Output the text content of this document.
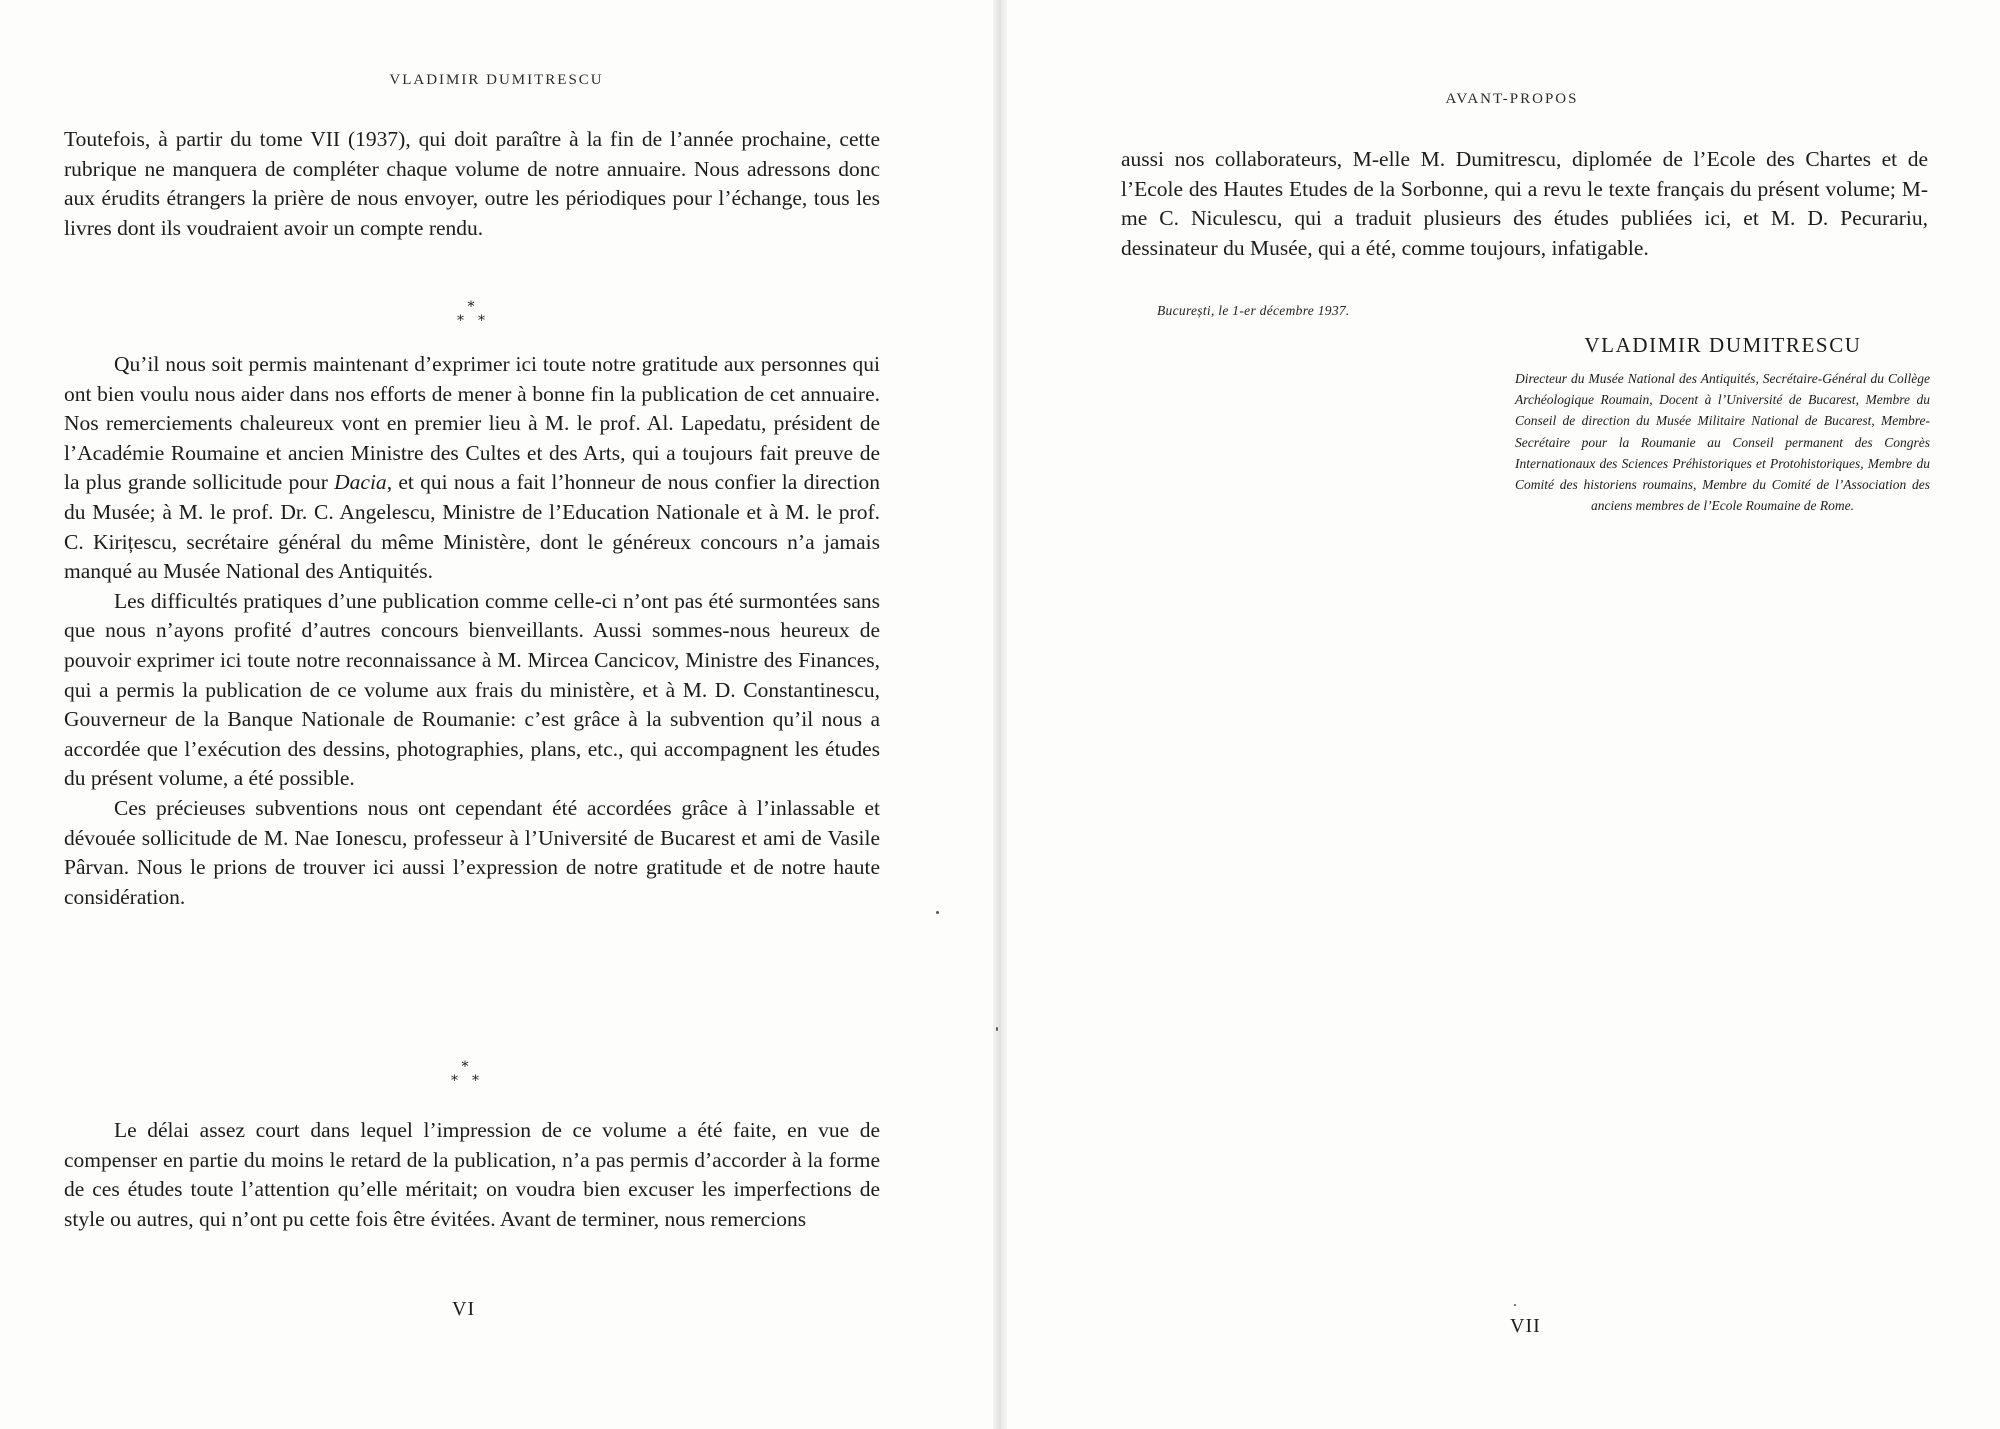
VLADIMIR DUMITRESCU

Toutefois, à partir du tome VII (1937), qui doit paraître à la fin de l’année prochaine, cette rubrique ne manquera de compléter chaque volume de notre annuaire. Nous adressons donc aux érudits étrangers la prière de nous envoyer, outre les périodiques pour l’échange, tous les livres dont ils voudraient avoir un compte rendu.

*
**

Qu’il nous soit permis maintenant d’exprimer ici toute notre gratitude aux personnes qui ont bien voulu nous aider dans nos efforts de mener à bonne fin la publication de cet annuaire. Nos remerciements chaleureux vont en premier lieu à M. le prof. Al. Lapedatu, président de l’Académie Roumaine et ancien Ministre des Cultes et des Arts, qui a toujours fait preuve de la plus grande sollicitude pour Dacia, et qui nous a fait l’honneur de nous confier la direction du Musée; à M. le prof. Dr. C. Angelescu, Ministre de l’Education Nationale et à M. le prof. C. Kirițescu, secrétaire général du même Ministère, dont le généreux concours n’a jamais manqué au Musée National des Antiquités.

Les difficultés pratiques d’une publication comme celle-ci n’ont pas été surmontées sans que nous n’ayons profité d’autres concours bienveillants. Aussi sommes-nous heureux de pouvoir exprimer ici toute notre reconnaissance à M. Mircea Cancicov, Ministre des Finances, qui a permis la publication de ce volume aux frais du ministère, et à M. D. Constantinescu, Gouverneur de la Banque Nationale de Roumanie: c’est grâce à la subvention qu’il nous a accordée que l’exécution des dessins, photographies, plans, etc., qui accompagnent les études du présent volume, a été possible.

Ces précieuses subventions nous ont cependant été accordées grâce à l’inlassable et dévouée sollicitude de M. Nae Ionescu, professeur à l’Université de Bucarest et ami de Vasile Pârvan. Nous le prions de trouver ici aussi l’expression de notre gratitude et de notre haute considération.

*
**

Le délai assez court dans lequel l’impression de ce volume a été faite, en vue de compenser en partie du moins le retard de la publication, n’a pas permis d’accorder à la forme de ces études toute l’attention qu’elle méritait; on voudra bien excuser les imperfections de style ou autres, qui n’ont pu cette fois être évitées. Avant de terminer, nous remercions

VI
AVANT-PROPOS

aussi nos collaborateurs, M-elle M. Dumitrescu, diplomée de l’Ecole des Chartes et de l’Ecole des Hautes Etudes de la Sorbonne, qui a revu le texte français du présent volume; M-me C. Niculescu, qui a traduit plusieurs des études publiées ici, et M. D. Pecurariu, dessinateur du Musée, qui a été, comme toujours, infatigable.

București, le 1-er décembre 1937.
VLADIMIR DUMITRESCU
Directeur du Musée National des Antiquités, Secrétaire-Général du Collège Archéologique Roumain, Docent à l’Université de Bucarest, Membre du Conseil de direction du Musée Militaire National de Bucarest, Membre-Secrétaire pour la Roumanie au Conseil permanent des Congrès Internationaux des Sciences Préhistoriques et Protohistoriques, Membre du Comité des historiens roumains, Membre du Comité de l’Association des anciens membres de l’Ecole Roumaine de Rome.
VII
